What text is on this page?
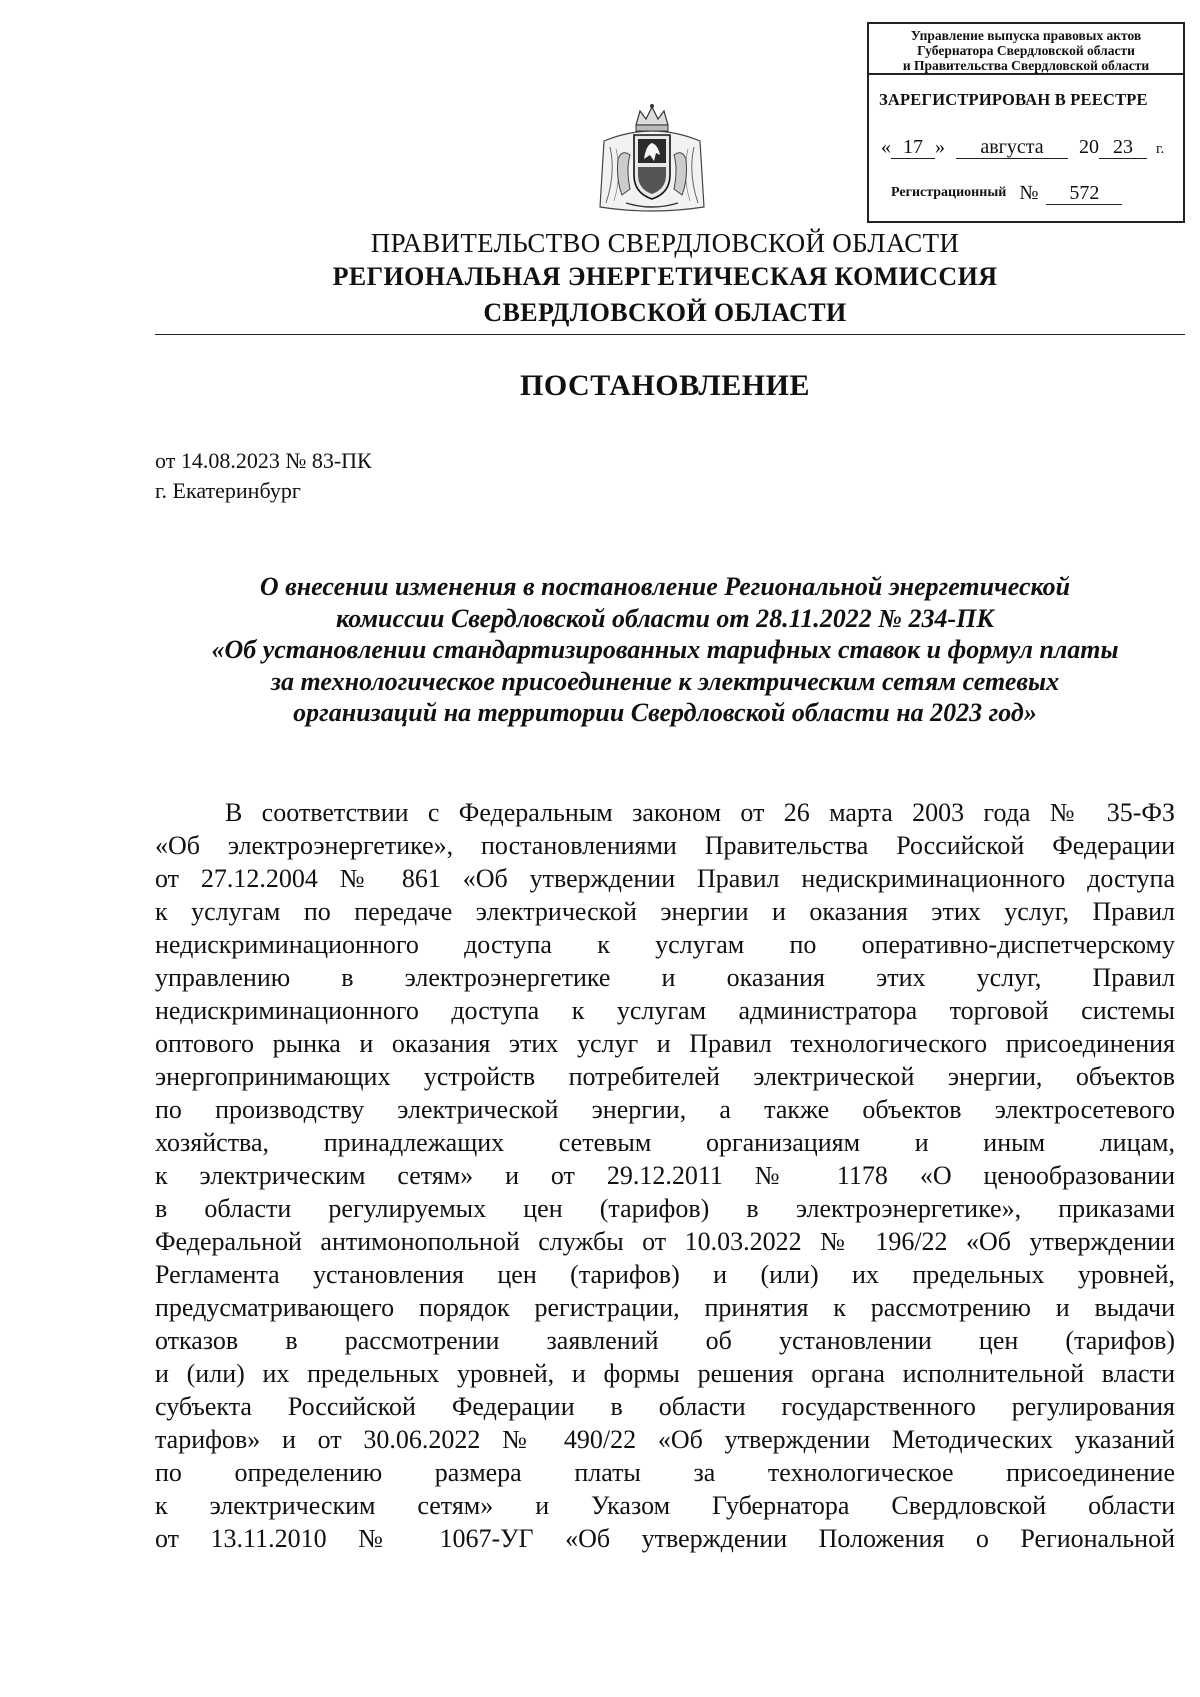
Управление выпуска правовых актов
Губернатора Свердловской области
и Правительства Свердловской области
ЗАРЕГИСТРИРОВАН В РЕЕСТРЕ
« 17 » августа 20 23 г.
Регистрационный № 572
ПРАВИТЕЛЬСТВО СВЕРДЛОВСКОЙ ОБЛАСТИ
РЕГИОНАЛЬНАЯ ЭНЕРГЕТИЧЕСКАЯ КОМИССИЯ
СВЕРДЛОВСКОЙ ОБЛАСТИ
ПОСТАНОВЛЕНИЕ
от 14.08.2023 № 83-ПК
г. Екатеринбург
О внесении изменения в постановление Региональной энергетической
комиссии Свердловской области от 28.11.2022 № 234-ПК
«Об установлении стандартизированных тарифных ставок и формул платы
за технологическое присоединение к электрическим сетям сетевых
организаций на территории Свердловской области на 2023 год»
В соответствии с Федеральным законом от 26 марта 2003 года № 35-ФЗ
«Об электроэнергетике», постановлениями Правительства Российской Федерации
от 27.12.2004 № 861 «Об утверждении Правил недискриминационного доступа
к услугам по передаче электрической энергии и оказания этих услуг, Правил
недискриминационного доступа к услугам по оперативно-диспетчерскому
управлению в электроэнергетике и оказания этих услуг, Правил
недискриминационного доступа к услугам администратора торговой системы
оптового рынка и оказания этих услуг и Правил технологического присоединения
энергопринимающих устройств потребителей электрической энергии, объектов
по производству электрической энергии, а также объектов электросетевого
хозяйства, принадлежащих сетевым организациям и иным лицам,
к электрическим сетям» и от 29.12.2011 № 1178 «О ценообразовании
в области регулируемых цен (тарифов) в электроэнергетике», приказами
Федеральной антимонопольной службы от 10.03.2022 № 196/22 «Об утверждении
Регламента установления цен (тарифов) и (или) их предельных уровней,
предусматривающего порядок регистрации, принятия к рассмотрению и выдачи
отказов в рассмотрении заявлений об установлении цен (тарифов)
и (или) их предельных уровней, и формы решения органа исполнительной власти
субъекта Российской Федерации в области государственного регулирования
тарифов» и от 30.06.2022 № 490/22 «Об утверждении Методических указаний
по определению размера платы за технологическое присоединение
к электрическим сетям» и Указом Губернатора Свердловской области
от 13.11.2010 № 1067-УГ «Об утверждении Положения о Региональной
